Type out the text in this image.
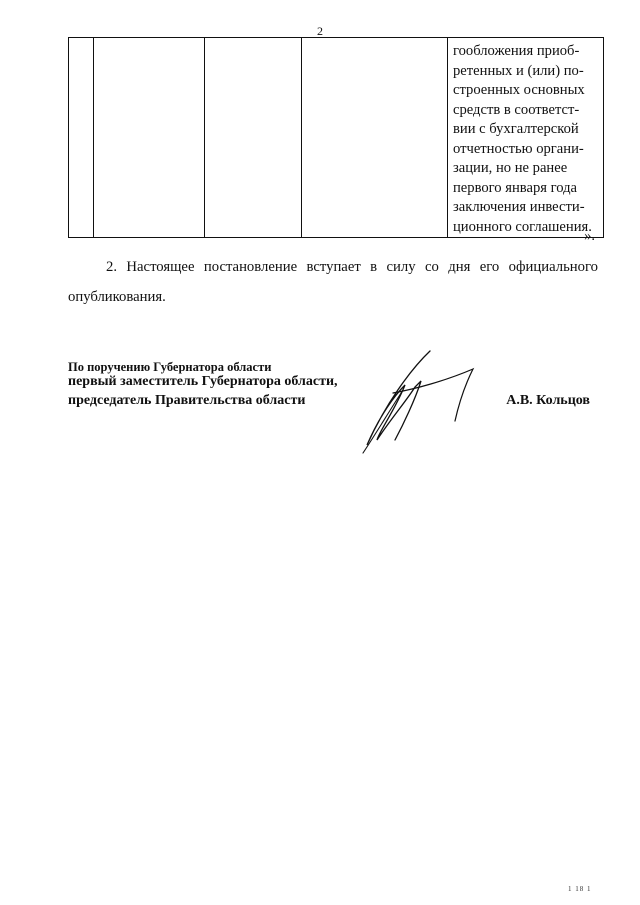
2

гообложения приоб-
ретенных и (или) по-
строенных основных
средств в соответст-
вии с бухгалтерской
отчетностью органи-
зации, но не ранее
первого января года
заключения инвести-
ционного соглашения.

».

2. Настоящее постановление вступает в силу со дня его официального опубликования.

По поручению Губернатора области
первый заместитель Губернатора области,
председатель Правительства области	А.В. Кольцов
1 18 1
